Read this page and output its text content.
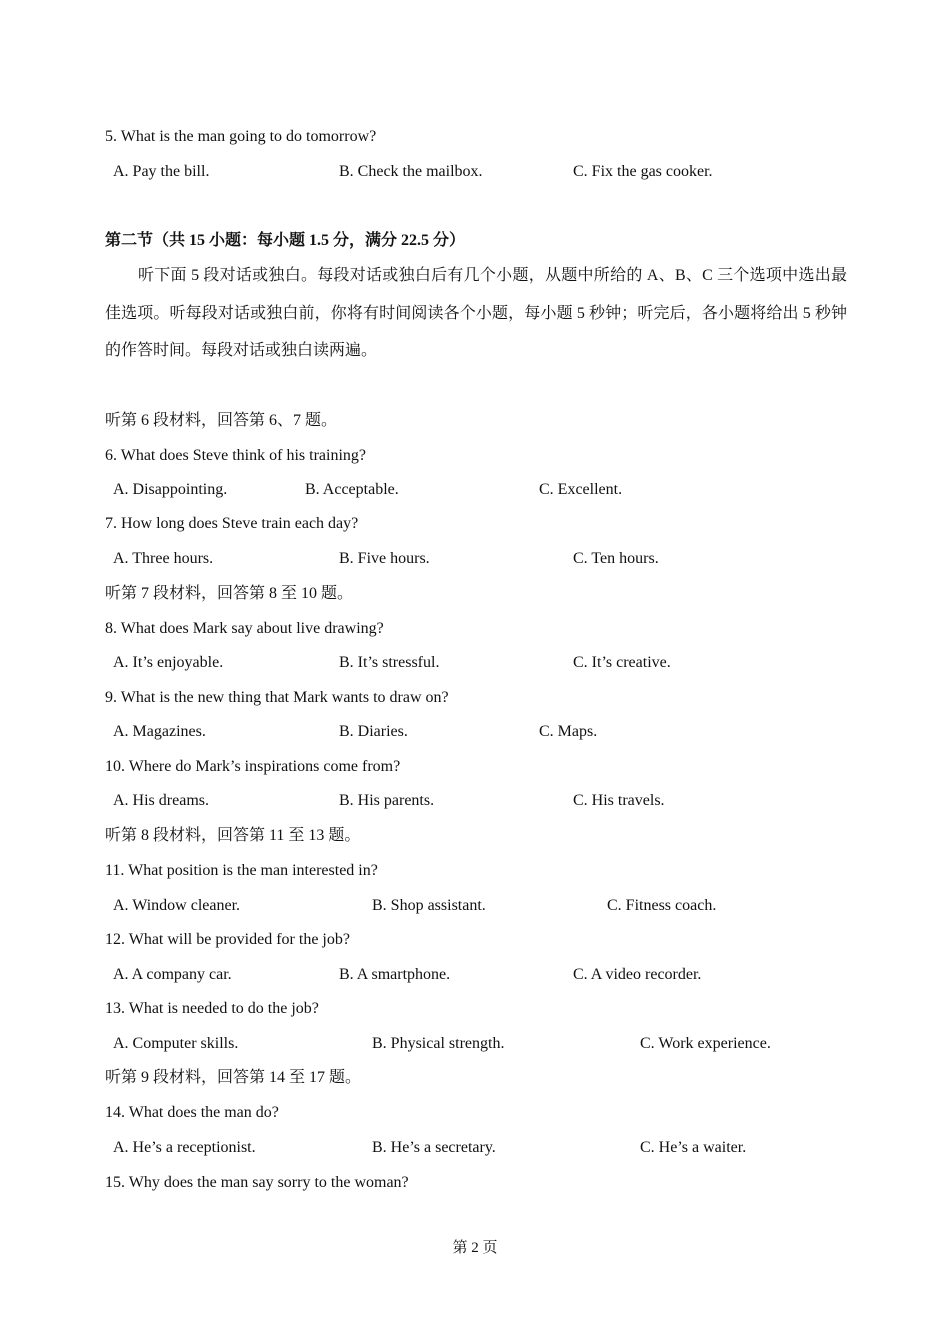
5. What is the man going to do tomorrow?
A. Pay the bill.	B. Check the mailbox.	C. Fix the gas cooker.
第二节（共 15 小题：每小题 1.5 分，满分 22.5 分）
听下面 5 段对话或独白。每段对话或独白后有几个小题，从题中所给的 A、B、C 三个选项中选出最佳选项。听每段对话或独白前，你将有时间阅读各个小题，每小题 5 秒钟；听完后，各小题将给出 5 秒钟的作答时间。每段对话或独白读两遍。
听第 6 段材料，回答第 6、7 题。
6. What does Steve think of his training?
A. Disappointing.	B. Acceptable.	C. Excellent.
7. How long does Steve train each day?
A. Three hours.	B. Five hours.	C. Ten hours.
听第 7 段材料，回答第 8 至 10 题。
8. What does Mark say about live drawing?
A. It’s enjoyable.	B. It’s stressful.	C. It’s creative.
9. What is the new thing that Mark wants to draw on?
A. Magazines.	B. Diaries.	C. Maps.
10. Where do Mark’s inspirations come from?
A. His dreams.	B. His parents.	C. His travels.
听第 8 段材料，回答第 11 至 13 题。
11. What position is the man interested in?
A. Window cleaner.	B. Shop assistant.	C. Fitness coach.
12. What will be provided for the job?
A. A company car.	B. A smartphone.	C. A video recorder.
13. What is needed to do the job?
A. Computer skills.	B. Physical strength.	C. Work experience.
听第 9 段材料，回答第 14 至 17 题。
14. What does the man do?
A. He’s a receptionist.	B. He’s a secretary.	C. He’s a waiter.
15. Why does the man say sorry to the woman?
第 2 页
